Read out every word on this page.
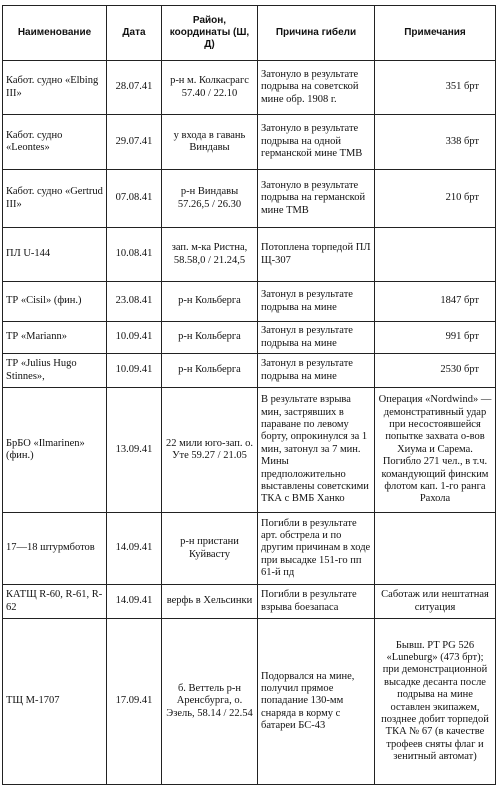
Наименование	Дата	Район, координаты (Ш, Д)	Причина гибели	Примечания
Кабот. судно «Elbing III»	28.07.41	р-н м. Колкасрагс 57.40 / 22.10	Затонуло в результате подрыва на советской мине обр. 1908 г.	351 брт
Кабот. судно «Leontes»	29.07.41	у входа в гавань Виндавы	Затонуло в результате подрыва на одной германской мине ТМВ	338 брт
Кабот. судно «Gertrud III»	07.08.41	р-н Виндавы 57.26,5 / 26.30	Затонуло в результате подрыва на германской мине ТМВ	210 брт
ПЛ U-144	10.08.41	зап. м-ка Ристна, 58.58,0 / 21.24,5	Потоплена торпедой ПЛ Щ-307	
ТР «Cisil» (фин.)	23.08.41	р-н Кольберга	Затонул в результате подрыва на мине	1847 брт
ТР «Mariann»	10.09.41	р-н Кольберга	Затонул в результате подрыва на мине	991 брт
ТР «Julius Hugo Stinnes»,	10.09.41	р-н Кольберга	Затонул в результате подрыва на мине	2530 брт
БрБО «Ilmarinen» (фин.)	13.09.41	22 мили юго-зап. о. Уте 59.27 / 21.05	В результате взрыва мин, застрявших в параване по левому борту, опрокинулся за 1 мин, затонул за 7 мин. Мины предположительно выставлены советскими ТКА с ВМБ Ханко	Операция «Nordwind» — демонстративный удар при несостоявшейся попытке захвата о-вов Хиума и Сарема. Погибло 271 чел., в т.ч. командующий финским флотом кап. 1-го ранга Рахола
17—18 штурмботов	14.09.41	р-н пристани Куйвасту	Погибли в результате арт. обстрела и по другим причинам в ходе при высадке 151-го пп 61-й пд	
КАТЩ R-60, R-61, R-62	14.09.41	верфь в Хельсинки	Погибли в результате взрыва боезапаса	Саботаж или нештатная ситуация
ТЩ М-1707	17.09.41	б. Веттель р-н Аренсбурга, о. Эзель, 58.14 / 22.54	Подорвался на мине, получил прямое попадание 130-мм снаряда в корму с батареи БС-43	Бывш. РТ PG 526 «Luneburg» (473 брт); при демонстрационной высадке десанта после подрыва на мине оставлен экипажем, позднее добит торпедой ТКА № 67 (в качестве трофеев сняты флаг и зенитный автомат)
